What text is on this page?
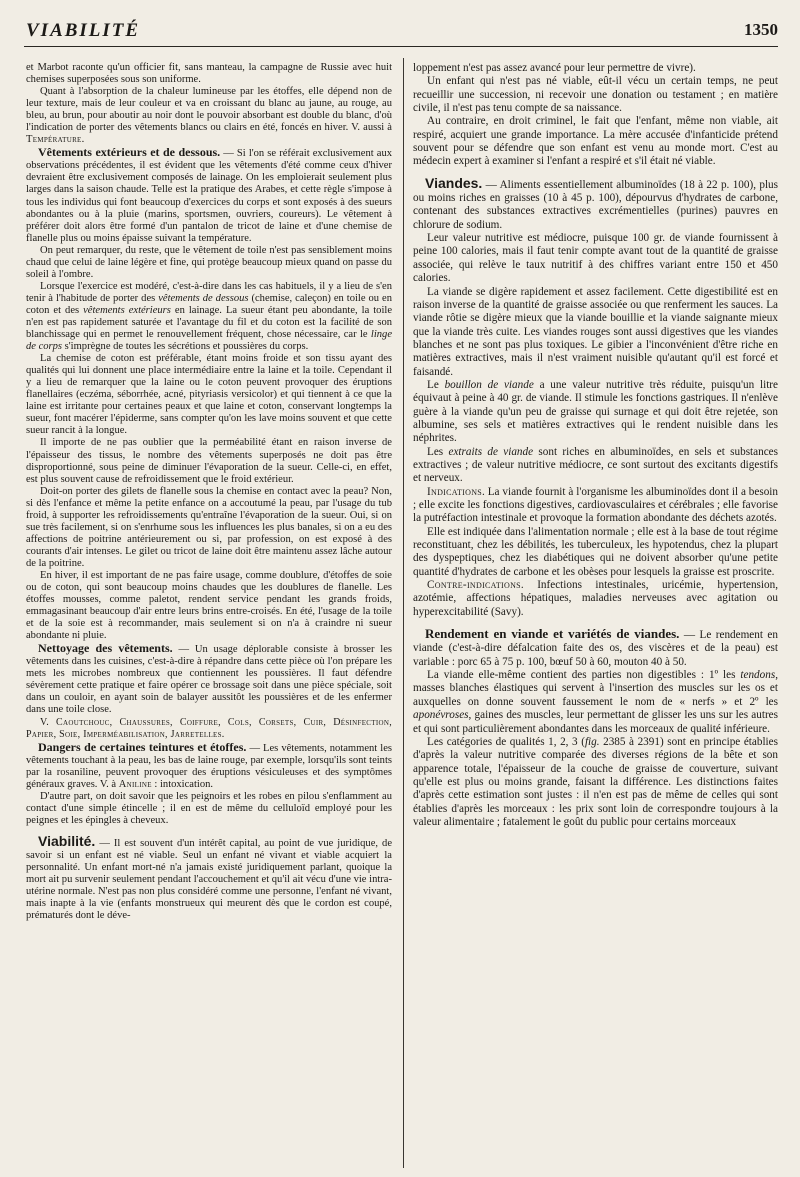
VIABILITÉ	1350

et Marbot raconte qu'un officier fit, sans manteau, la campagne de Russie avec huit chemises superposées sous son uniforme.

Quant à l'absorption de la chaleur lumineuse par les étoffes, elle dépend non de leur texture, mais de leur couleur et va en croissant du blanc au jaune, au rouge, au bleu, au brun, pour aboutir au noir dont le pouvoir absorbant est double du blanc, d'où l'indication de porter des vêtements blancs ou clairs en été, foncés en hiver. V. aussi à Température.

Vêtements extérieurs et de dessous. — Si l'on se référait exclusivement aux observations précédentes, il est évident que les vêtements d'été comme ceux d'hiver devraient être exclusivement composés de lainage. On les emploierait seulement plus larges dans la saison chaude. Telle est la pratique des Arabes, et cette règle s'impose à tous les individus qui font beaucoup d'exercices du corps et sont exposés à des sueurs abondantes ou à la pluie (marins, sportsmen, ouvriers, coureurs). Le vêtement à préférer doit alors être formé d'un pantalon de tricot de laine et d'une chemise de flanelle plus ou moins épaisse suivant la température.

On peut remarquer, du reste, que le vêtement de toile n'est pas sensiblement moins chaud que celui de laine légère et fine, qui protège beaucoup mieux quand on passe du soleil à l'ombre.

Lorsque l'exercice est modéré, c'est-à-dire dans les cas habituels, il y a lieu de s'en tenir à l'habitude de porter des vêtements de dessous (chemise, caleçon) en toile ou en coton et des vêtements extérieurs en lainage. La sueur étant peu abondante, la toile n'en est pas rapidement saturée et l'avantage du fil et du coton est la facilité de son blanchissage qui en permet le renouvellement fréquent, chose nécessaire, car le linge de corps s'imprègne de toutes les sécrétions et poussières du corps.

La chemise de coton est préférable, étant moins froide et son tissu ayant des qualités qui lui donnent une place intermédiaire entre la laine et la toile. Cependant il y a lieu de remarquer que la laine ou le coton peuvent provoquer des éruptions flanellaires (eczéma, séborrhée, acné, pityriasis versicolor) et qui tiennent à ce que la laine est irritante pour certaines peaux et que laine et coton, conservant longtemps la sueur, font macérer l'épiderme, sans compter qu'on les lave moins souvent et que cette sueur rancit à la longue.

Il importe de ne pas oublier que la perméabilité étant en raison inverse de l'épaisseur des tissus, le nombre des vêtements superposés ne doit pas être disproportionné, sous peine de diminuer l'évaporation de la sueur. Celle-ci, en effet, est plus souvent cause de refroidissement que le froid extérieur.

Doit-on porter des gilets de flanelle sous la chemise en contact avec la peau? Non, si dès l'enfance et même la petite enfance on a accoutumé la peau, par l'usage du tub froid, à supporter les refroidissements qu'entraîne l'évaporation de la sueur. Oui, si on sue très facilement, si on s'enrhume sous les influences les plus banales, si on a eu des affections de poitrine antérieurement ou si, par profession, on est exposé à des courants d'air intenses. Le gilet ou tricot de laine doit être maintenu assez lâche autour de la poitrine.

En hiver, il est important de ne pas faire usage, comme doublure, d'étoffes de soie ou de coton, qui sont beaucoup moins chaudes que les doublures de flanelle. Les étoffes mousses, comme paletot, rendent service pendant les grands froids, emmagasinant beaucoup d'air entre leurs brins entre-croisés. En été, l'usage de la toile et de la soie est à recommander, mais seulement si on n'a à craindre ni sueur abondante ni pluie.

Nettoyage des vêtements. — Un usage déplorable consiste à brosser les vêtements dans les cuisines, c'est-à-dire à répandre dans cette pièce où l'on prépare les mets les microbes nombreux que contiennent les poussières. Il faut défendre sévèrement cette pratique et faire opérer ce brossage soit dans une pièce spéciale, soit dans un couloir, en ayant soin de balayer aussitôt les poussières et de les enfermer dans une toile close.

V. Caoutchouc, Chaussures, Coiffure, Cols, Corsets, Cuir, Désinfection, Papier, Soie, Imperméabilisation, Jarretelles.

Dangers de certaines teintures et étoffes. — Les vêtements, notamment les vêtements touchant à la peau, les bas de laine rouge, par exemple, lorsqu'ils sont teints par la rosaniline, peuvent provoquer des éruptions vésiculeuses et des symptômes généraux graves. V. à Aniline : intoxication.

D'autre part, on doit savoir que les peignoirs et les robes en pilou s'enflamment au contact d'une simple étincelle ; il en est de même du celluloïd employé pour les peignes et les épingles à cheveux.

Viabilité. — Il est souvent d'un intérêt capital, au point de vue juridique, de savoir si un enfant est né viable. Seul un enfant né vivant et viable acquiert la personnalité. Un enfant mort-né n'a jamais existé juridiquement parlant, quoique la mort ait pu survenir seulement pendant l'accouchement et qu'il ait vécu d'une vie intra-utérine normale. N'est pas non plus considéré comme une personne, l'enfant né vivant, mais inapte à la vie (enfants monstrueux qui meurent dès que le cordon est coupé, prématurés dont le déve-

loppement n'est pas assez avancé pour leur permettre de vivre).

Un enfant qui n'est pas né viable, eût-il vécu un certain temps, ne peut recueillir une succession, ni recevoir une donation ou testament ; en matière civile, il n'est pas tenu compte de sa naissance.

Au contraire, en droit criminel, le fait que l'enfant, même non viable, ait respiré, acquiert une grande importance. La mère accusée d'infanticide prétend souvent pour se défendre que son enfant est venu au monde mort. C'est au médecin expert à examiner si l'enfant a respiré et s'il était né viable.

Viandes. — Aliments essentiellement albuminoïdes (18 à 22 p. 100), plus ou moins riches en graisses (10 à 45 p. 100), dépourvus d'hydrates de carbone, contenant des substances extractives excrémentielles (purines) pauvres en chlorure de sodium.

Leur valeur nutritive est médiocre, puisque 100 gr. de viande fournissent à peine 100 calories, mais il faut tenir compte avant tout de la quantité de graisse associée, qui relève le taux nutritif à des chiffres variant entre 150 et 450 calories.

La viande se digère rapidement et assez facilement. Cette digestibilité est en raison inverse de la quantité de graisse associée ou que renferment les sauces. La viande rôtie se digère mieux que la viande bouillie et la viande saignante mieux que la viande très cuite. Les viandes rouges sont aussi digestives que les viandes blanches et ne sont pas plus toxiques. Le gibier a l'inconvénient d'être riche en matières extractives, mais il n'est vraiment nuisible qu'autant qu'il est forcé et faisandé.

Le bouillon de viande a une valeur nutritive très réduite, puisqu'un litre équivaut à peine à 40 gr. de viande. Il stimule les fonctions gastriques. Il n'enlève guère à la viande qu'un peu de graisse qui surnage et qui doit être rejetée, son albumine, ses sels et matières extractives qui le rendent nuisible dans les néphrites.

Les extraits de viande sont riches en albuminoïdes, en sels et substances extractives ; de valeur nutritive médiocre, ce sont surtout des excitants digestifs et nerveux.

Indications. La viande fournit à l'organisme les albuminoïdes dont il a besoin ; elle excite les fonctions digestives, cardiovasculaires et cérébrales ; elle favorise la putréfaction intestinale et provoque la formation abondante des déchets azotés.

Elle est indiquée dans l'alimentation normale ; elle est à la base de tout régime reconstituant, chez les débilités, les tuberculeux, les hypotendus, chez la plupart des dyspeptiques, chez les diabétiques qui ne doivent absorber qu'une petite quantité d'hydrates de carbone et les obèses pour lesquels la graisse est proscrite.

Contre-indications. Infections intestinales, uricémie, hypertension, azotémie, affections hépatiques, maladies nerveuses avec agitation ou hyperexcitabilité (Savy).

Rendement en viande et variétés de viandes. — Le rendement en viande (c'est-à-dire défalcation faite des os, des viscères et de la peau) est variable : porc 65 à 75 p. 100, bœuf 50 à 60, mouton 40 à 50.

La viande elle-même contient des parties non digestibles : 1º les tendons, masses blanches élastiques qui servent à l'insertion des muscles sur les os et auxquelles on donne souvent faussement le nom de « nerfs » et 2º les aponévroses, gaines des muscles, leur permettant de glisser les uns sur les autres et qui sont particulièrement abondantes dans les morceaux de qualité inférieure.

Les catégories de qualités 1, 2, 3 (fig. 2385 à 2391) sont en principe établies d'après la valeur nutritive comparée des diverses régions de la bête et son apparence totale, l'épaisseur de la couche de graisse de couverture, suivant qu'elle est plus ou moins grande, faisant la différence. Les distinctions faites d'après cette estimation sont justes : il n'en est pas de même de celles qui sont établies d'après les morceaux : les prix sont loin de correspondre toujours à la valeur alimentaire ; fatalement le goût du public pour certains morceaux
